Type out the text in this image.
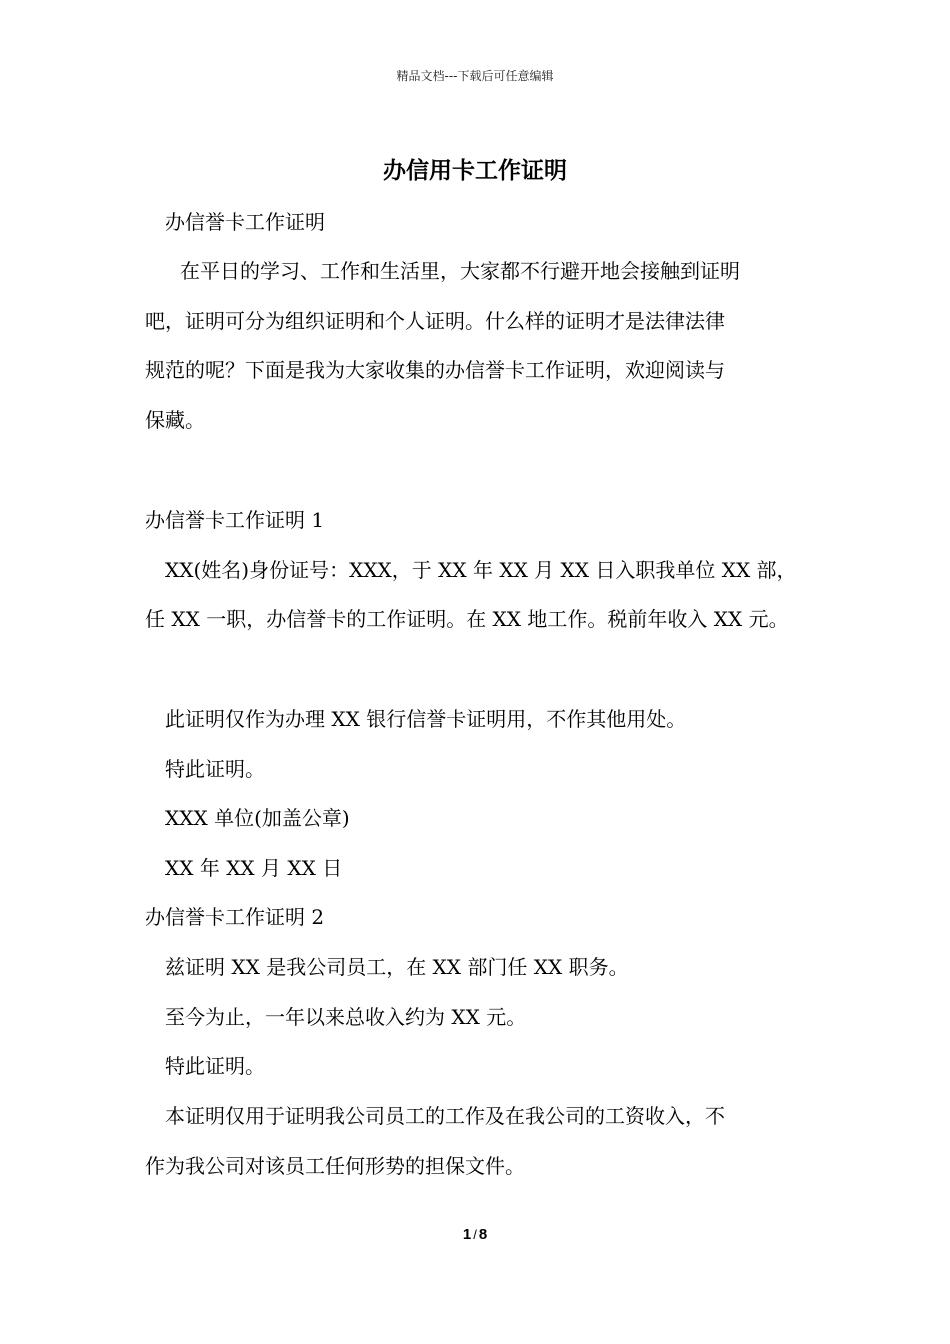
精品文档---下载后可任意编辑
办信用卡工作证明
办信誉卡工作证明
在平日的学习、工作和生活里，大家都不行避开地会接触到证明
吧，证明可分为组织证明和个人证明。什么样的证明才是法律法律
规范的呢？下面是我为大家收集的办信誉卡工作证明，欢迎阅读与
保藏。
办信誉卡工作证明 1
XX(姓名)身份证号：XXX，于 XX 年 XX 月 XX 日入职我单位 XX 部，
任 XX 一职，办信誉卡的工作证明。在 XX 地工作。税前年收入 XX 元。
此证明仅作为办理 XX 银行信誉卡证明用，不作其他用处。
特此证明。
XXX 单位(加盖公章)
XX 年 XX 月 XX 日
办信誉卡工作证明 2
兹证明 XX 是我公司员工，在 XX 部门任 XX 职务。
至今为止，一年以来总收入约为 XX 元。
特此证明。
本证明仅用于证明我公司员工的工作及在我公司的工资收入，不
作为我公司对该员工任何形势的担保文件。
1 / 8
